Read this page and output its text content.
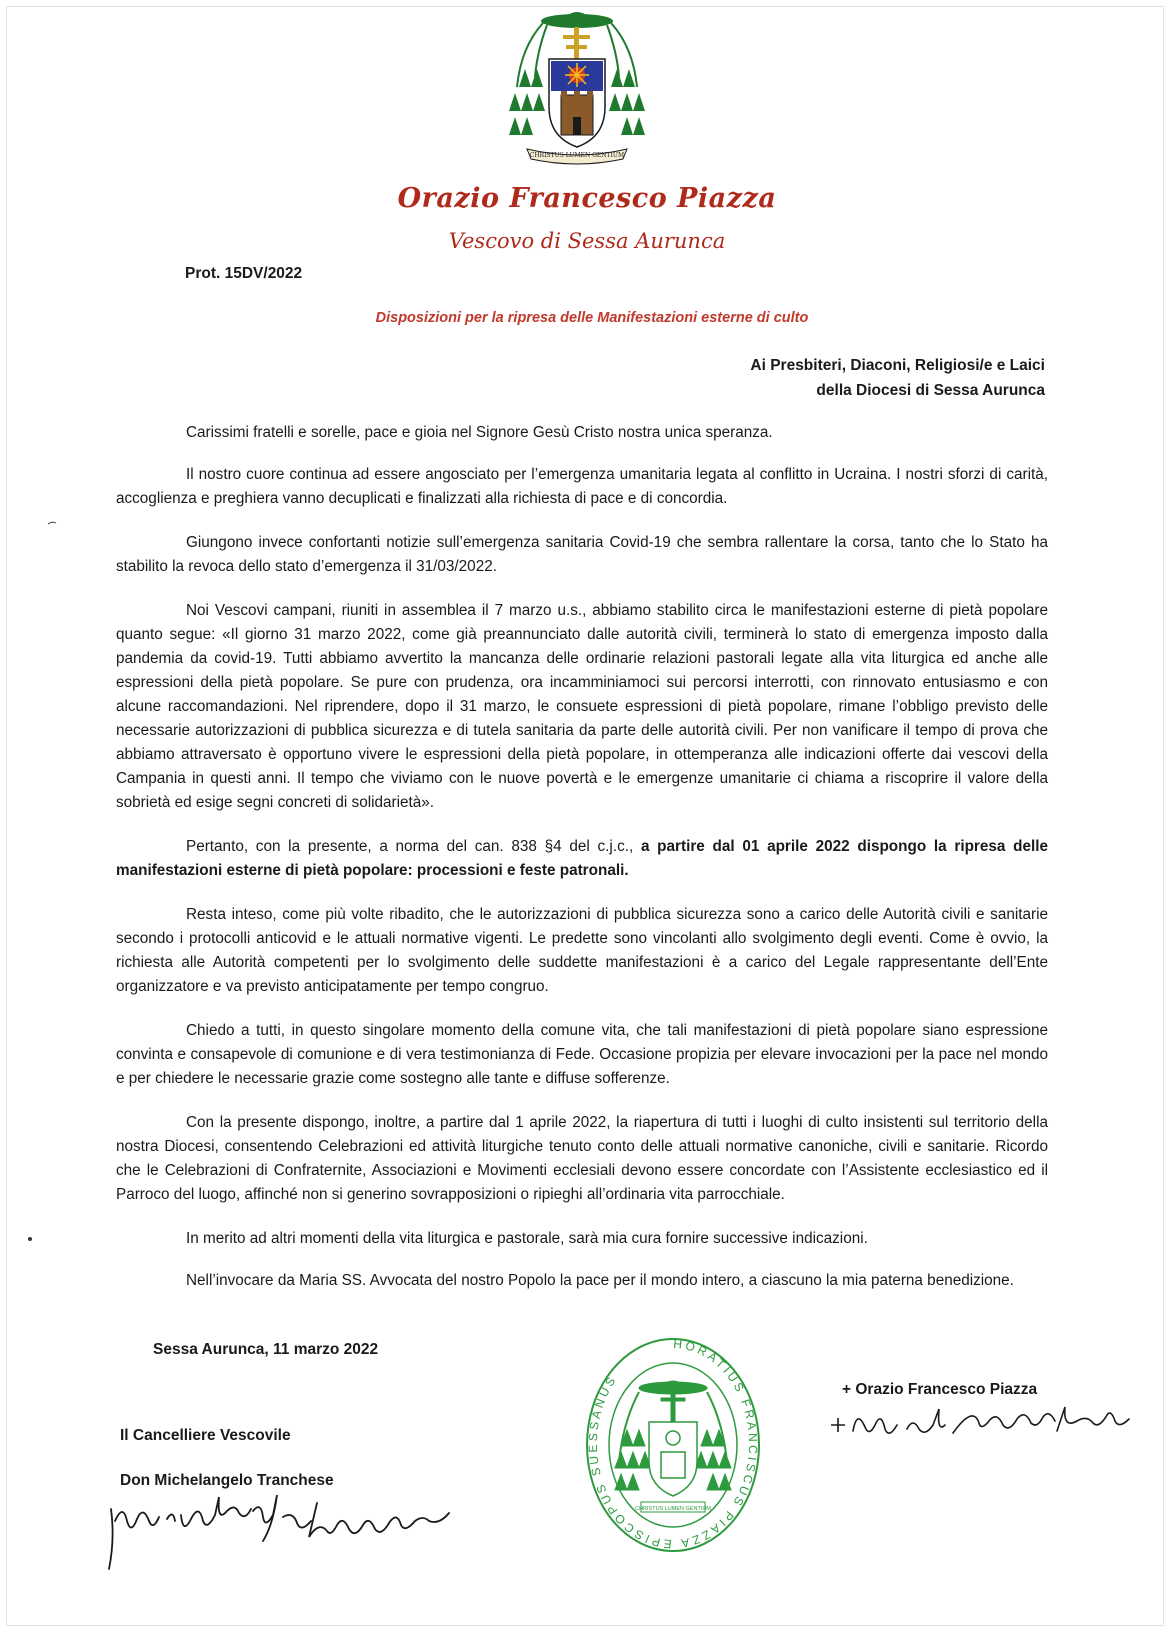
CHRISTUS LUMEN GENTIUM
Orazio Francesco Piazza
Vescovo di Sessa Aurunca
Prot. 15DV/2022
Disposizioni per la ripresa delle Manifestazioni esterne di culto
Ai Presbiteri, Diaconi, Religiosi/e e Laici
della Diocesi di Sessa Aurunca

Carissimi fratelli e sorelle, pace e gioia nel Signore Gesù Cristo nostra unica speranza.

Il nostro cuore continua ad essere angosciato per l’emergenza umanitaria legata al conflitto in Ucraina. I nostri sforzi di carità, accoglienza e preghiera vanno decuplicati e finalizzati alla richiesta di pace e di concordia.

Giungono invece confortanti notizie sull’emergenza sanitaria Covid-19 che sembra rallentare la corsa, tanto che lo Stato ha stabilito la revoca dello stato d’emergenza il 31/03/2022.

Noi Vescovi campani, riuniti in assemblea il 7 marzo u.s., abbiamo stabilito circa le manifestazioni esterne di pietà popolare quanto segue: «Il giorno 31 marzo 2022, come già preannunciato dalle autorità civili, terminerà lo stato di emergenza imposto dalla pandemia da covid-19. Tutti abbiamo avvertito la mancanza delle ordinarie relazioni pastorali legate alla vita liturgica ed anche alle espressioni della pietà popolare. Se pure con prudenza, ora incamminiamoci sui percorsi interrotti, con rinnovato entusiasmo e con alcune raccomandazioni. Nel riprendere, dopo il 31 marzo, le consuete espressioni di pietà popolare, rimane l’obbligo previsto delle necessarie autorizzazioni di pubblica sicurezza e di tutela sanitaria da parte delle autorità civili. Per non vanificare il tempo di prova che abbiamo attraversato è opportuno vivere le espressioni della pietà popolare, in ottemperanza alle indicazioni offerte dai vescovi della Campania in questi anni. Il tempo che viviamo con le nuove povertà e le emergenze umanitarie ci chiama a riscoprire il valore della sobrietà ed esige segni concreti di solidarietà».

Pertanto, con la presente, a norma del can. 838 §4 del c.j.c., a partire dal 01 aprile 2022 dispongo la ripresa delle manifestazioni esterne di pietà popolare: processioni e feste patronali.

Resta inteso, come più volte ribadito, che le autorizzazioni di pubblica sicurezza sono a carico delle Autorità civili e sanitarie secondo i protocolli anticovid e le attuali normative vigenti. Le predette sono vincolanti allo svolgimento degli eventi. Come è ovvio, la richiesta alle Autorità competenti per lo svolgimento delle suddette manifestazioni è a carico del Legale rappresentante dell’Ente organizzatore e va previsto anticipatamente per tempo congruo.

Chiedo a tutti, in questo singolare momento della comune vita, che tali manifestazioni di pietà popolare siano espressione convinta e consapevole di comunione e di vera testimonianza di Fede. Occasione propizia per elevare invocazioni per la pace nel mondo e per chiedere le necessarie grazie come sostegno alle tante e diffuse sofferenze.

Con la presente dispongo, inoltre, a partire dal 1 aprile 2022, la riapertura di tutti i luoghi di culto insistenti sul territorio della nostra Diocesi, consentendo Celebrazioni ed attività liturgiche tenuto conto delle attuali normative canoniche, civili e sanitarie. Ricordo che le Celebrazioni di Confraternite, Associazioni e Movimenti ecclesiali devono essere concordate con l’Assistente ecclesiastico ed il Parroco del luogo, affinché non si generino sovrapposizioni o ripieghi all’ordinaria vita parrocchiale.

In merito ad altri momenti della vita liturgica e pastorale, sarà mia cura fornire successive indicazioni.

Nell’invocare da Maria SS. Avvocata del nostro Popolo la pace per il mondo intero, a ciascuno la mia paterna benedizione.

Sessa Aurunca, 11 marzo 2022	HORATIUS FRANCISCUS PIAZZA EPISCOPUS SUESSANUS
CHRISTUS LUMEN GENTIUM
+ Orazio Francesco Piazza
Il Cancelliere Vescovile
Don Michelangelo Tranchese
